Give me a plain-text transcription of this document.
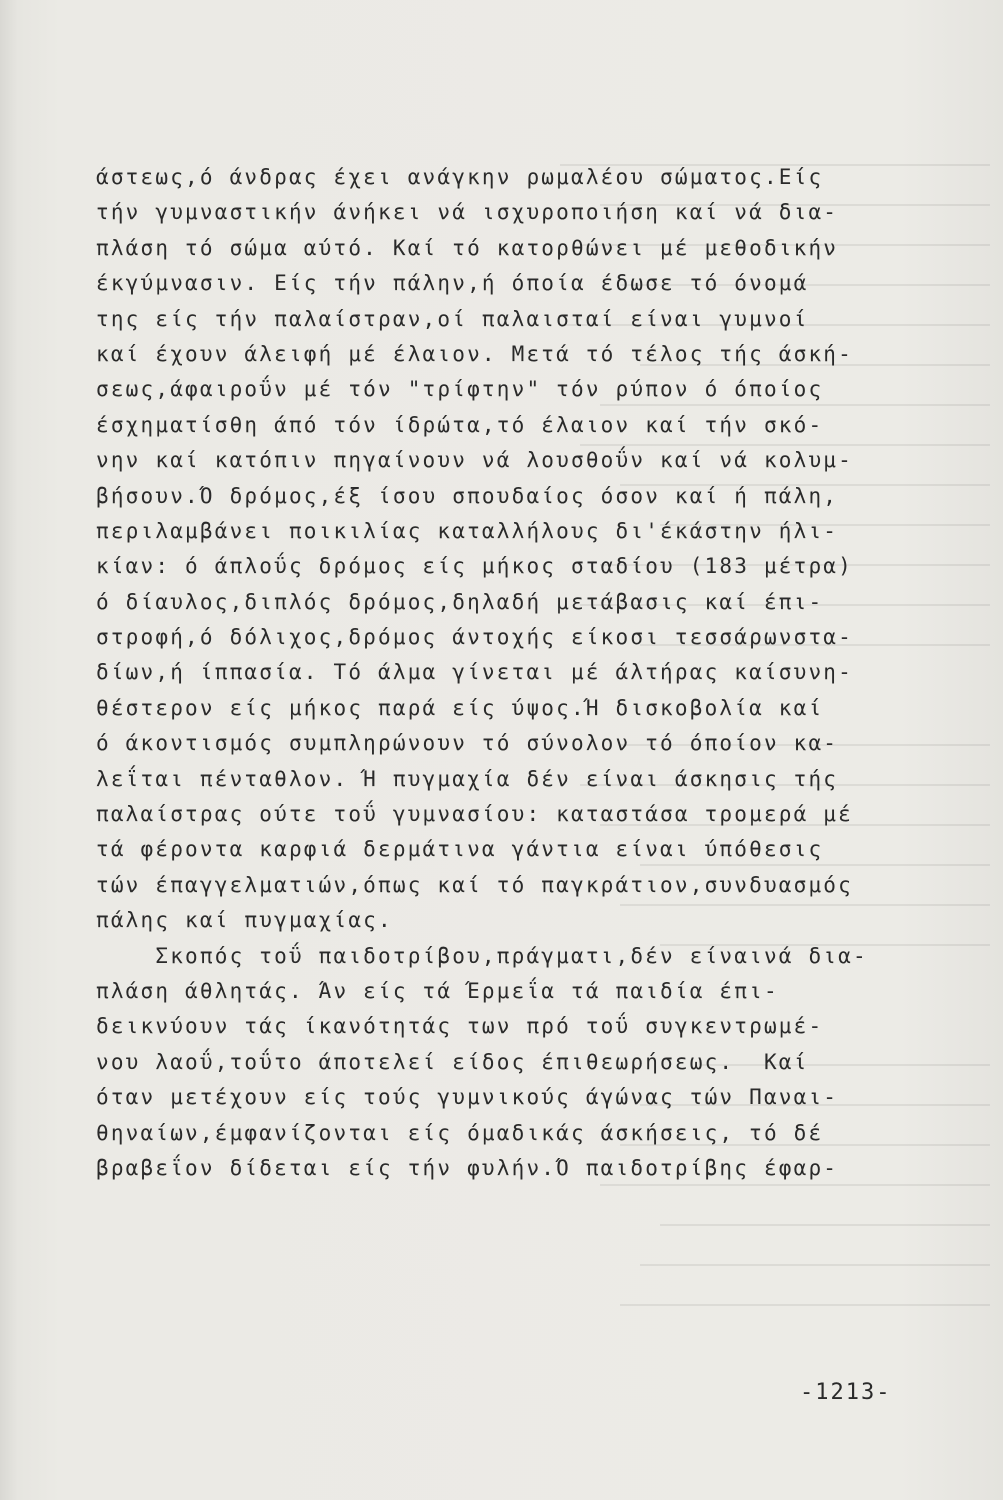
άστεως,ό άνδρας έχει ανάγκην ρωμαλέου σώματος.Είς
τήν γυμναστικήν άνήκει νά ισχυροποιήση καί νά δια-
πλάση τό σώμα αύτό. Καί τό κατορθώνει μέ μεθοδικήν
έκγύμνασιν. Είς τήν πάλην,ή όποία έδωσε τό όνομά
της είς τήν παλαίστραν,οί παλαισταί είναι γυμνοί
καί έχουν άλειφή μέ έλαιον. Μετά τό τέλος τής άσκή-
σεως,άφαιροΰν μέ τόν "τρίφτην" τόν ρύπον ό όποίος
έσχηματίσθη άπό τόν ίδρώτα,τό έλαιον καί τήν σκό-
νην καί κατόπιν πηγαίνουν νά λουσθοΰν καί νά κολυμ-
βήσουν.Ό δρόμος,έξ ίσου σπουδαίος όσον καί ή πάλη,
περιλαμβάνει ποικιλίας καταλλήλους δι'έκάστην ήλι-
κίαν: ό άπλοΰς δρόμος είς μήκος σταδίου (183 μέτρα)
ό δίαυλος,διπλός δρόμος,δηλαδή μετάβασις καί έπι-
στροφή,ό δόλιχος,δρόμος άντοχής είκοσι τεσσάρωνστα-
δίων,ή ίππασία. Τό άλμα γίνεται μέ άλτήρας καίσυνη-
θέστερον είς μήκος παρά είς ύψος.Ή δισκοβολία καί
ό άκοντισμός συμπληρώνουν τό σύνολον τό όποίον κα-
λεΐται πένταθλον. Ή πυγμαχία δέν είναι άσκησις τής
παλαίστρας ούτε τοΰ γυμνασίου: καταστάσα τρομερά μέ
τά φέροντα καρφιά δερμάτινα γάντια είναι ύπόθεσις
τών έπαγγελματιών,όπως καί τό παγκράτιον,συνδυασμός
πάλης καί πυγμαχίας.
Σκοπός τοΰ παιδοτρίβου,πράγματι,δέν είναινά δια-
πλάση άθλητάς. Άν είς τά Έρμεΐα τά παιδία έπι-
δεικνύουν τάς ίκανότητάς των πρό τοΰ συγκεντρωμέ-
νου λαοΰ,τοΰτο άποτελεί είδος έπιθεωρήσεως.  Καί
όταν μετέχουν είς τούς γυμνικούς άγώνας τών Παναι-
θηναίων,έμφανίζονται είς όμαδικάς άσκήσεις, τό δέ
βραβεΐον δίδεται είς τήν φυλήν.Ό παιδοτρίβης έφαρ-
-1213-
